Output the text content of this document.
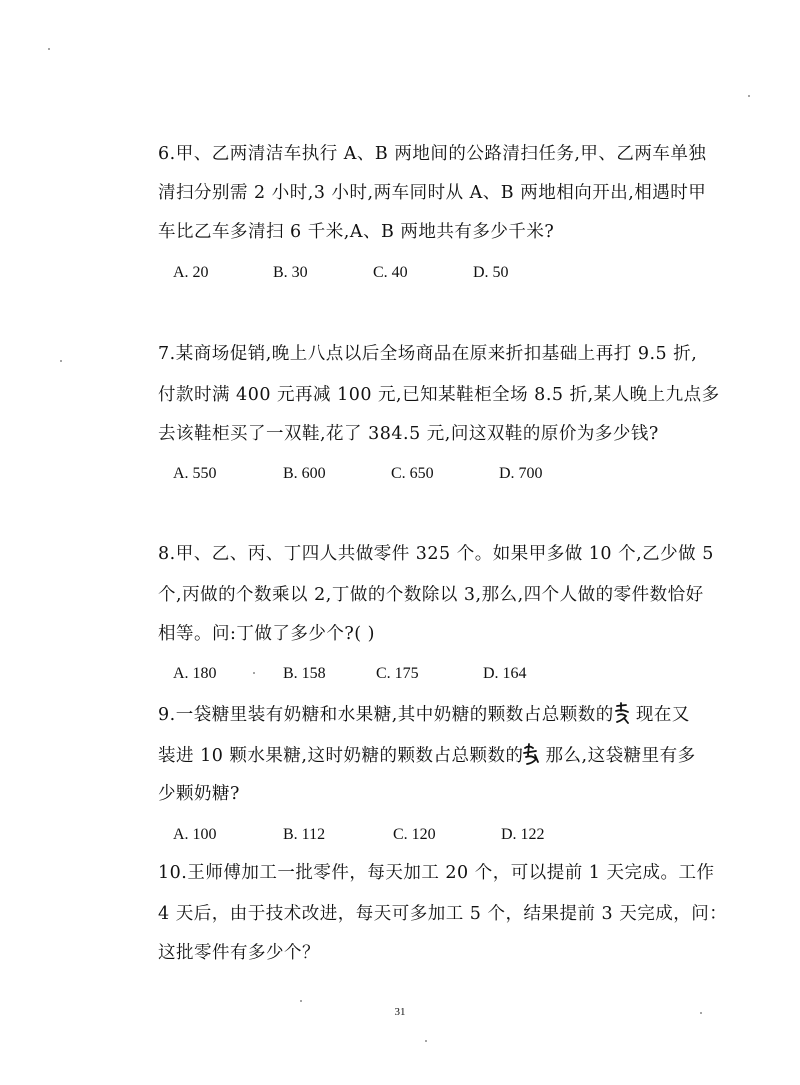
6.甲、乙两清洁车执行 A、B 两地间的公路清扫任务,甲、乙两车单独
清扫分别需 2 小时,3 小时,两车同时从 A、B 两地相向开出,相遇时甲
车比乙车多清扫 6 千米,A、B 两地共有多少千米?
A. 20	B. 30	C. 40	D. 50
7.某商场促销,晚上八点以后全场商品在原来折扣基础上再打 9.5 折,
付款时满 400 元再减 100 元,已知某鞋柜全场 8.5 折,某人晚上九点多
去该鞋柜买了一双鞋,花了 384.5 元,问这双鞋的原价为多少钱?
A. 550	B. 600	C. 650	D. 700
8.甲、乙、丙、丁四人共做零件 325 个。如果甲多做 10 个,乙少做 5
个,丙做的个数乘以 2,丁做的个数除以 3,那么,四个人做的零件数恰好
相等。问:丁做了多少个?( )
A. 180	B. 158	C. 175	D. 164
9.一袋糖里装有奶糖和水果糖,其中奶糖的颗数占总颗数的 现在又
装进 10 颗水果糖,这时奶糖的颗数占总颗数的 那么,这袋糖里有多
少颗奶糖?
A. 100	B. 112	C. 120	D. 122
10.王师傅加工一批零件，每天加工 20 个，可以提前 1 天完成。工作
4 天后，由于技术改进，每天可多加工 5 个，结果提前 3 天完成，问：
这批零件有多少个？
31
